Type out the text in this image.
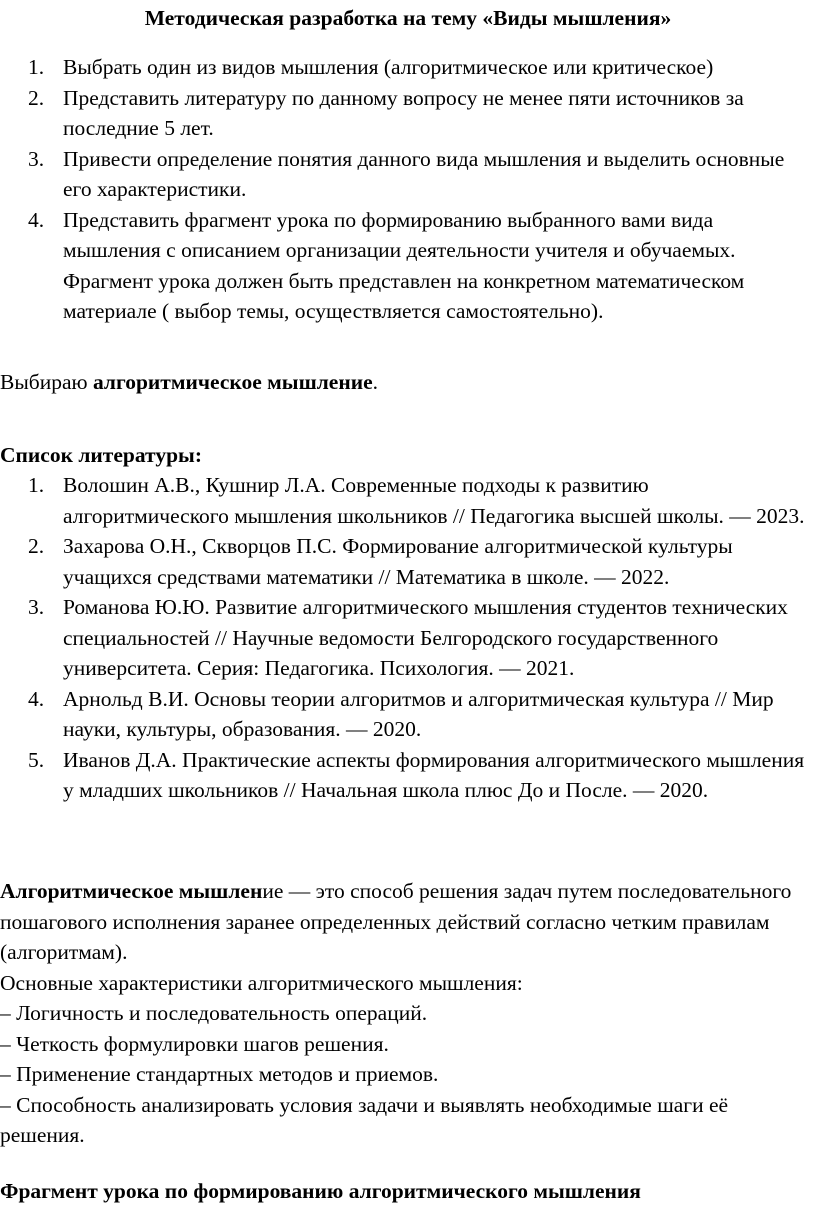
Методическая разработка на тему «Виды мышления»
1. Выбрать один из видов мышления (алгоритмическое или критическое)
2. Представить литературу по данному вопросу не менее пяти источников за последние 5 лет.
3. Привести определение понятия данного вида мышления и выделить основные его характеристики.
4. Представить фрагмент урока по формированию выбранного вами вида мышления с описанием организации деятельности учителя и обучаемых. Фрагмент урока должен быть представлен на конкретном математическом материале ( выбор темы, осуществляется самостоятельно).
Выбираю алгоритмическое мышление.
Список литературы:
1. Волошин А.В., Кушнир Л.А. Современные подходы к развитию алгоритмического мышления школьников // Педагогика высшей школы. — 2023.
2. Захарова О.Н., Скворцов П.С. Формирование алгоритмической культуры учащихся средствами математики // Математика в школе. — 2022.
3. Романова Ю.Ю. Развитие алгоритмического мышления студентов технических специальностей // Научные ведомости Белгородского государственного университета. Серия: Педагогика. Психология. — 2021.
4. Арнольд В.И. Основы теории алгоритмов и алгоритмическая культура // Мир науки, культуры, образования. — 2020.
5. Иванов Д.А. Практические аспекты формирования алгоритмического мышления у младших школьников // Начальная школа плюс До и После. — 2020.
Алгоритмическое мышление — это способ решения задач путем последовательного пошагового исполнения заранее определенных действий согласно четким правилам (алгоритмам).
Основные характеристики алгоритмического мышления:
– Логичность и последовательность операций.
– Четкость формулировки шагов решения.
– Применение стандартных методов и приемов.
– Способность анализировать условия задачи и выявлять необходимые шаги её решения.
Фрагмент урока по формированию алгоритмического мышления
